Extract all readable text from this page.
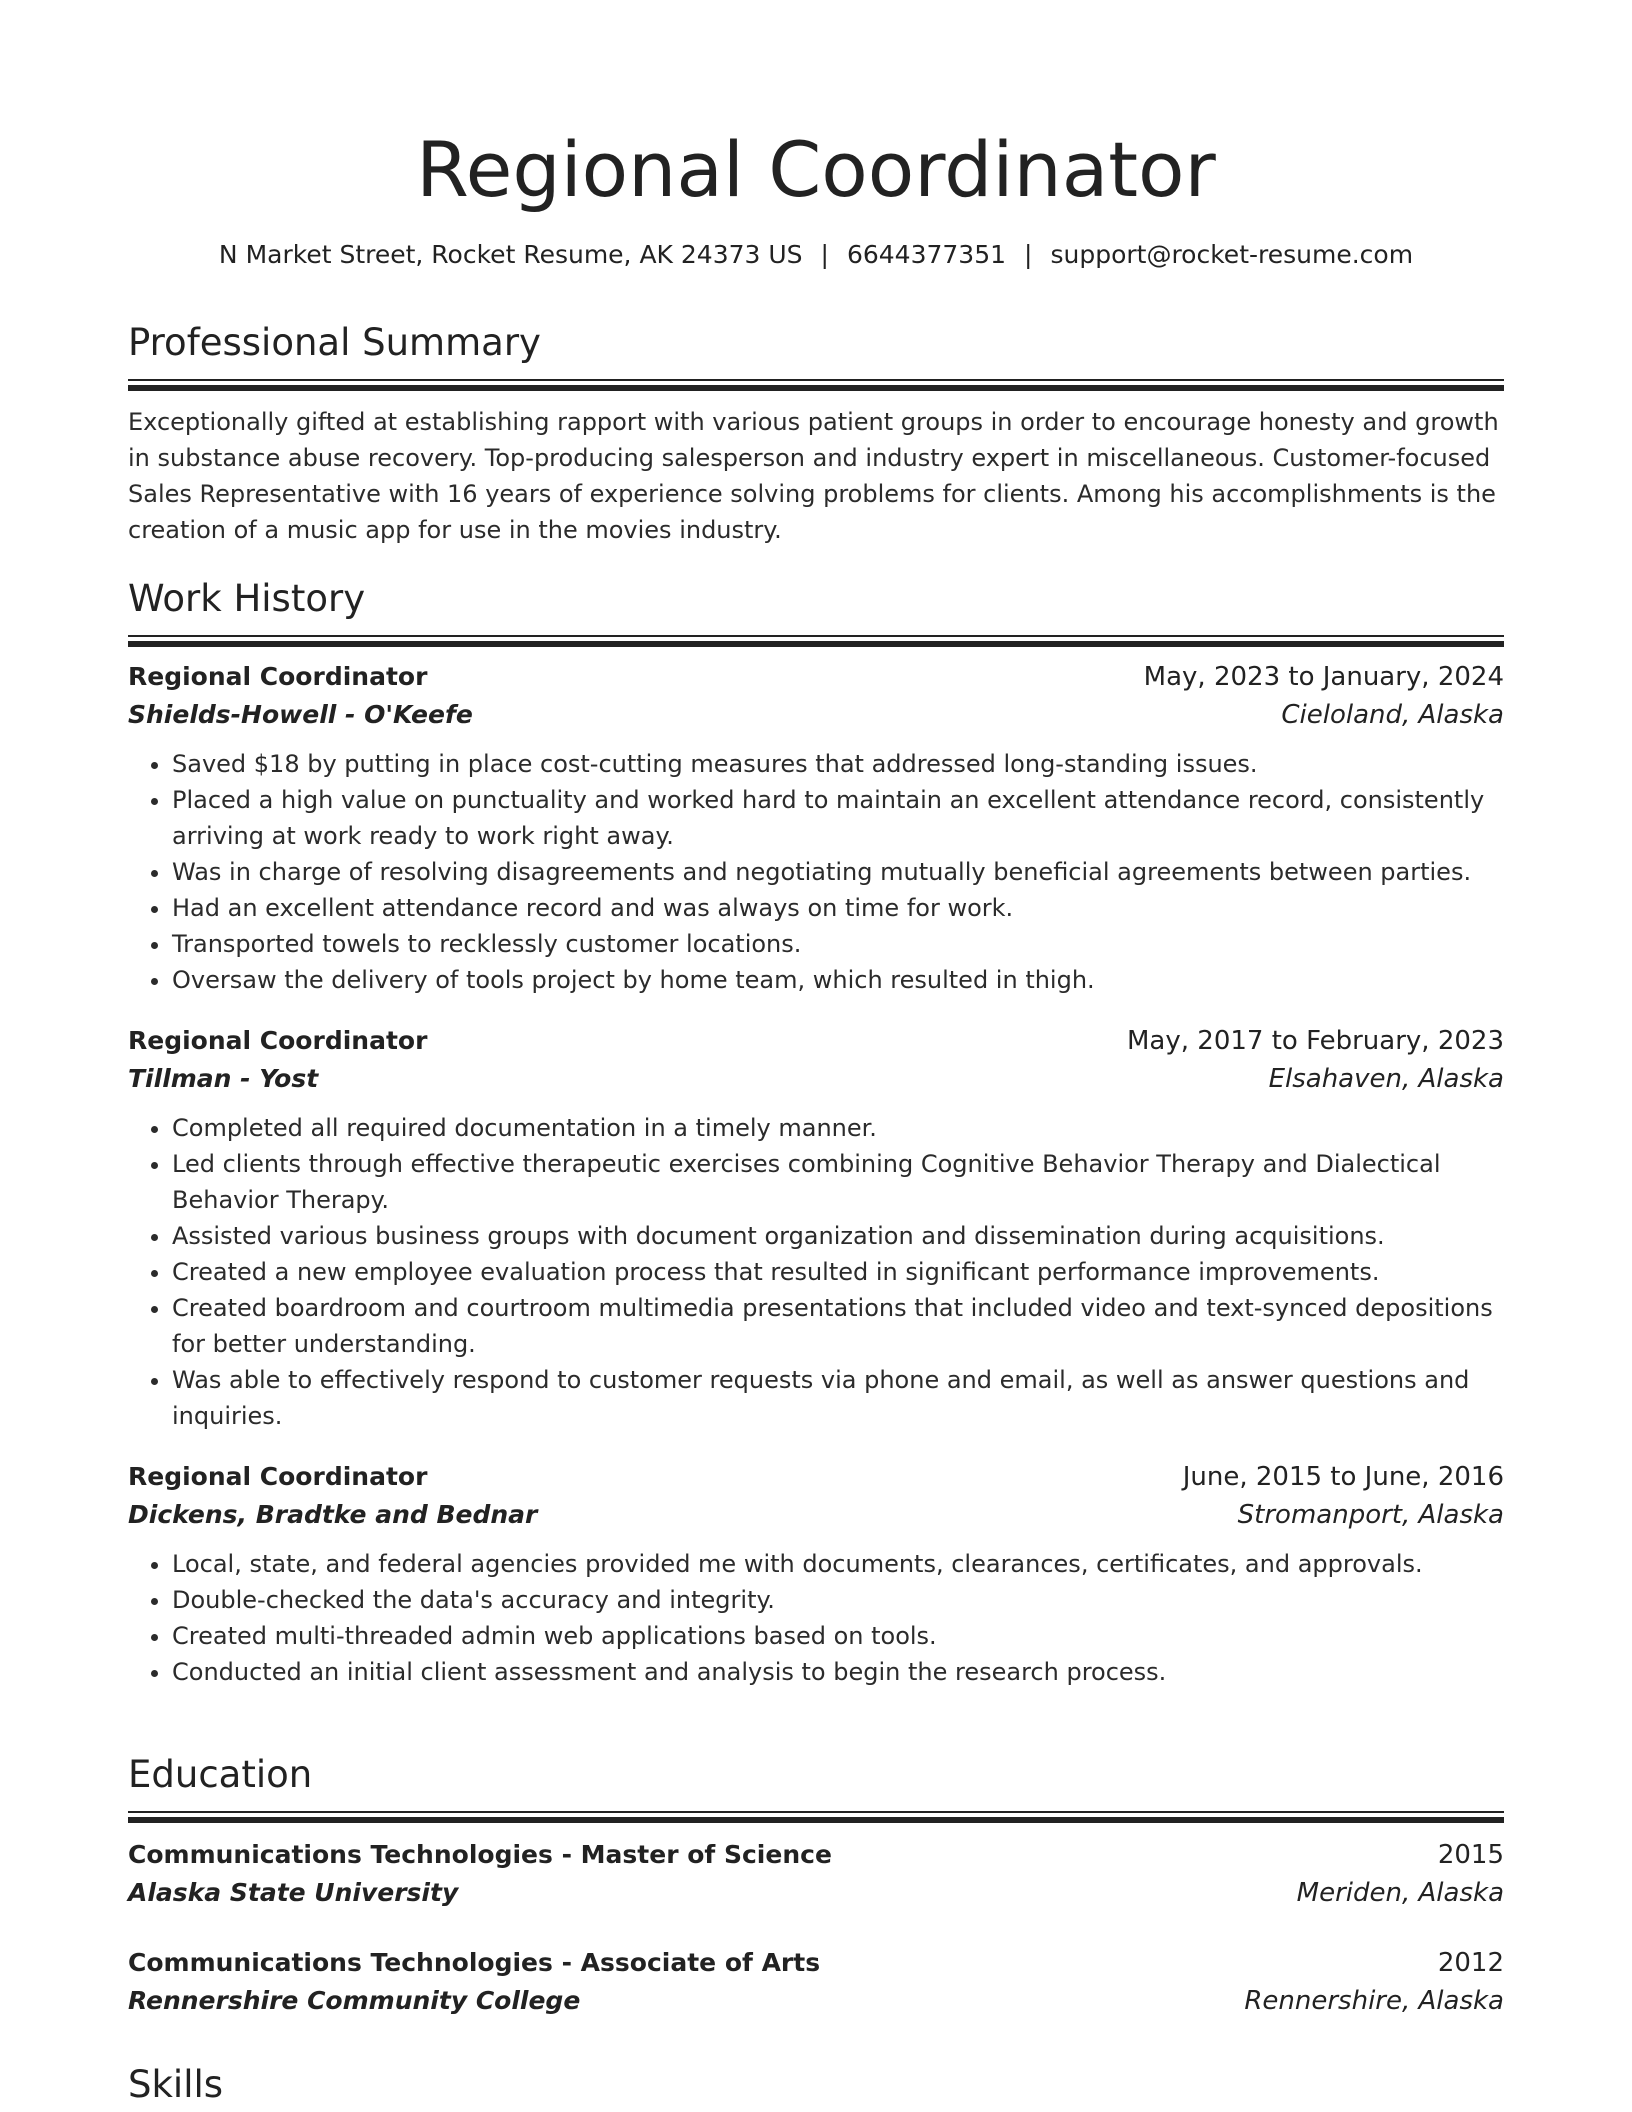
Regional Coordinator
N Market Street, Rocket Resume, AK 24373 US | 6644377351 | support@rocket-resume.com
Professional Summary
Exceptionally gifted at establishing rapport with various patient groups in order to encourage honesty and growth in substance abuse recovery. Top-producing salesperson and industry expert in miscellaneous. Customer-focused Sales Representative with 16 years of experience solving problems for clients. Among his accomplishments is the creation of a music app for use in the movies industry.
Work History
Regional Coordinator	May, 2023 to January, 2024
Shields-Howell - O'Keefe	Cieloland, Alaska
• Saved $18 by putting in place cost-cutting measures that addressed long-standing issues.
• Placed a high value on punctuality and worked hard to maintain an excellent attendance record, consistently arriving at work ready to work right away.
• Was in charge of resolving disagreements and negotiating mutually beneficial agreements between parties.
• Had an excellent attendance record and was always on time for work.
• Transported towels to recklessly customer locations.
• Oversaw the delivery of tools project by home team, which resulted in thigh.
Regional Coordinator	May, 2017 to February, 2023
Tillman - Yost	Elsahaven, Alaska
• Completed all required documentation in a timely manner.
• Led clients through effective therapeutic exercises combining Cognitive Behavior Therapy and Dialectical Behavior Therapy.
• Assisted various business groups with document organization and dissemination during acquisitions.
• Created a new employee evaluation process that resulted in significant performance improvements.
• Created boardroom and courtroom multimedia presentations that included video and text-synced depositions for better understanding.
• Was able to effectively respond to customer requests via phone and email, as well as answer questions and inquiries.
Regional Coordinator	June, 2015 to June, 2016
Dickens, Bradtke and Bednar	Stromanport, Alaska
• Local, state, and federal agencies provided me with documents, clearances, certificates, and approvals.
• Double-checked the data's accuracy and integrity.
• Created multi-threaded admin web applications based on tools.
• Conducted an initial client assessment and analysis to begin the research process.
Education
Communications Technologies - Master of Science	2015
Alaska State University	Meriden, Alaska
Communications Technologies - Associate of Arts	2012
Rennershire Community College	Rennershire, Alaska
Skills
